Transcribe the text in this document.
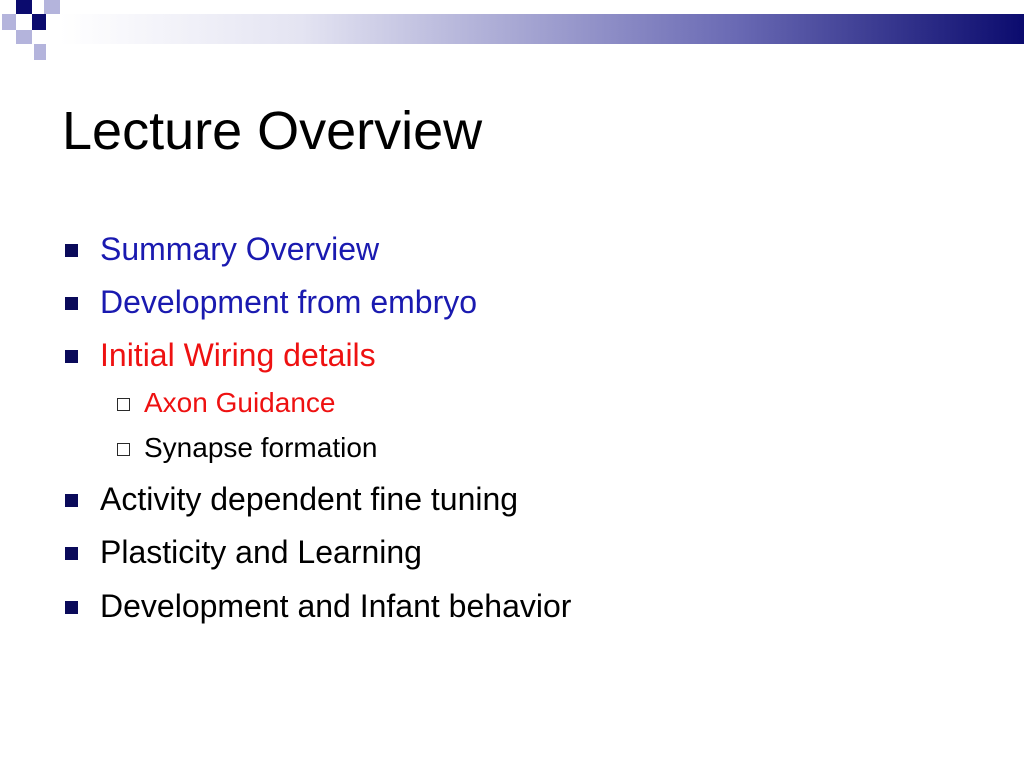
Lecture Overview
Summary Overview
Development from embryo
Initial Wiring details
Axon Guidance
Synapse formation
Activity dependent fine tuning
Plasticity and Learning
Development and Infant behavior
